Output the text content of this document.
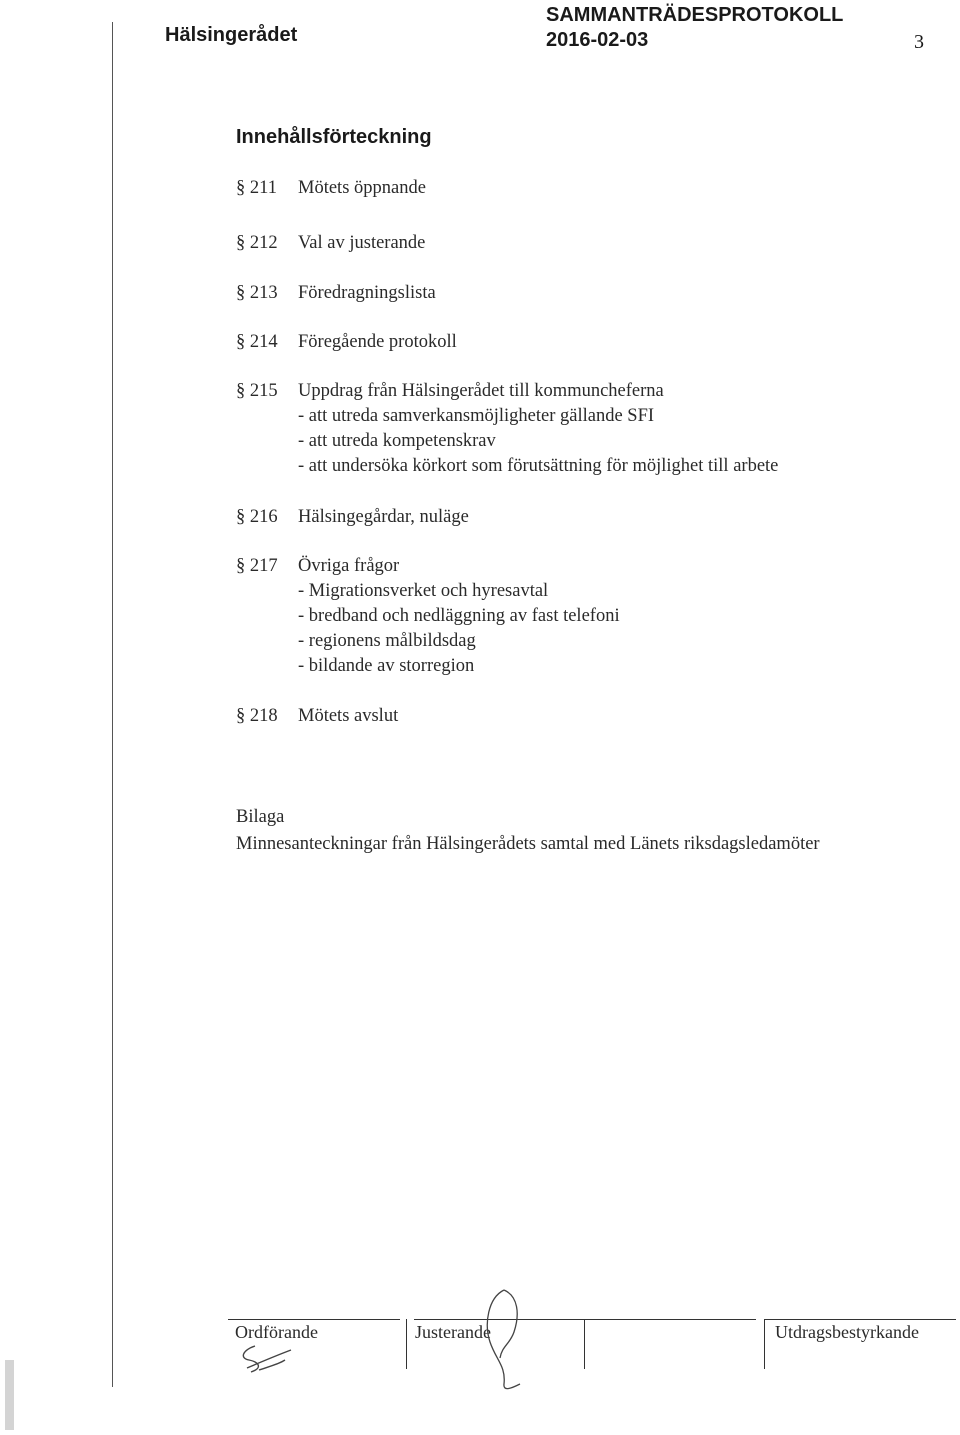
Hälsingerådet
SAMMANTRÄDESPROTOKOLL
2016-02-03	3
Innehållsförteckning
§ 211	Mötets öppnande
§ 212	Val av justerande
§ 213	Föredragningslista
§ 214	Föregående protokoll
§ 215	Uppdrag från Hälsingerådet till kommuncheferna
- att utreda samverkansmöjligheter gällande SFI
- att utreda kompetenskrav
- att undersöka körkort som förutsättning för möjlighet till arbete
§ 216	Hälsingegårdar, nuläge
§ 217	Övriga frågor
- Migrationsverket och hyresavtal
- bredband och nedläggning av fast telefoni
- regionens målbildsdag
- bildande av storregion
§ 218	Mötets avslut
Bilaga
Minnesanteckningar från Hälsingerådets samtal med Länets riksdagsledamöter
Ordförande	Justerande	Utdragsbestyrkande
